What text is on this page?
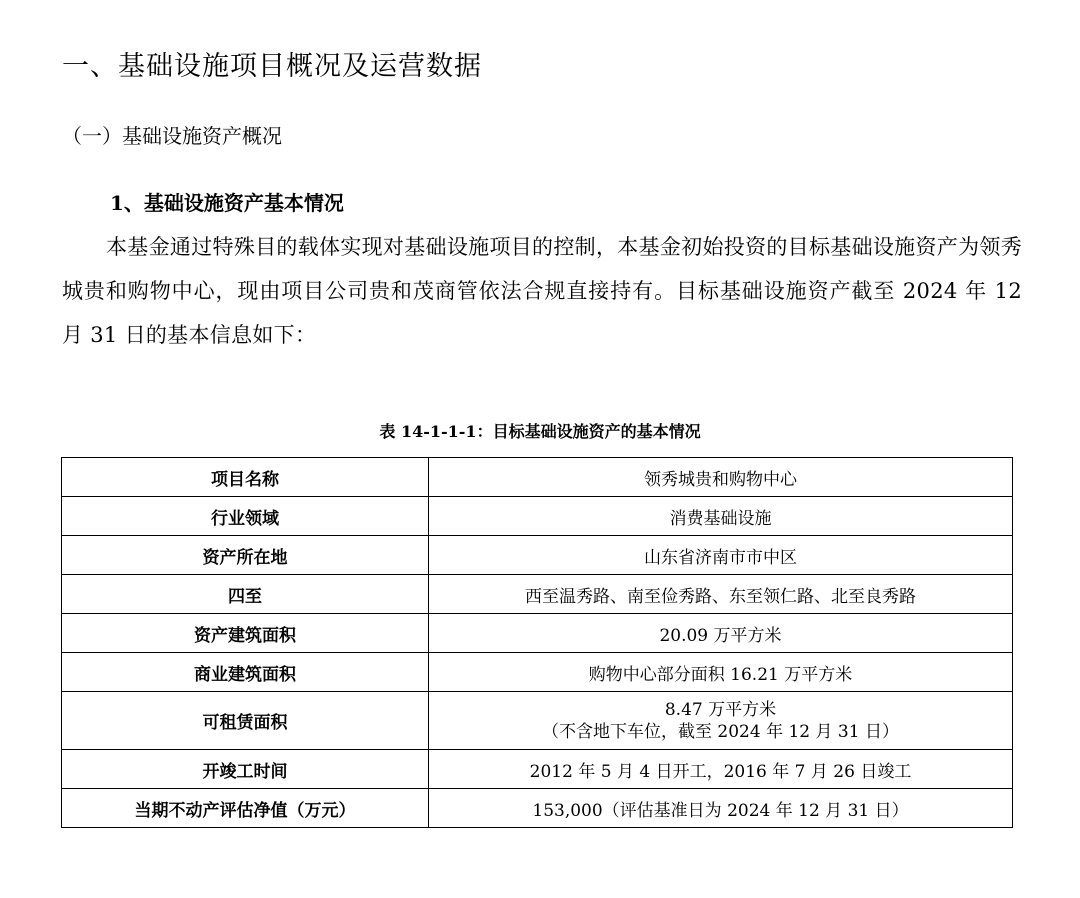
一、基础设施项目概况及运营数据
（一）基础设施资产概况
1、基础设施资产基本情况
本基金通过特殊目的载体实现对基础设施项目的控制，本基金初始投资的目标基础设施资产为领秀城贵和购物中心，现由项目公司贵和茂商管依法合规直接持有。目标基础设施资产截至 2024 年 12 月 31 日的基本信息如下：
表 14-1-1-1：目标基础设施资产的基本情况
项目名称	领秀城贵和购物中心
行业领域	消费基础设施
资产所在地	山东省济南市市中区
四至	西至温秀路、南至俭秀路、东至领仁路、北至良秀路
资产建筑面积	20.09 万平方米
商业建筑面积	购物中心部分面积 16.21 万平方米
可租赁面积	8.47 万平方米
（不含地下车位，截至 2024 年 12 月 31 日）

开竣工时间	2012 年 5 月 4 日开工，2016 年 7 月 26 日竣工
当期不动产评估净值（万元）	153,000（评估基准日为 2024 年 12 月 31 日）
